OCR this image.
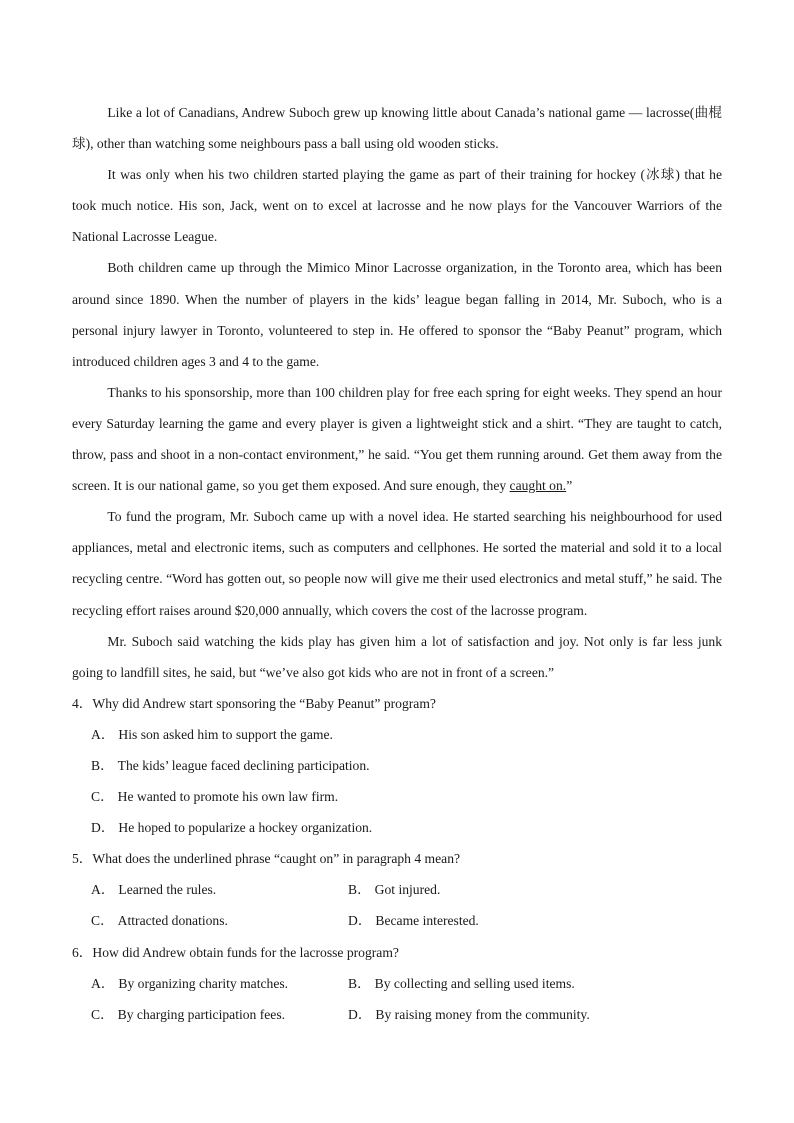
Like a lot of Canadians, Andrew Suboch grew up knowing little about Canada’s national game — lacrosse(曲棍球), other than watching some neighbours pass a ball using old wooden sticks.

It was only when his two children started playing the game as part of their training for hockey (冰球) that he took much notice. His son, Jack, went on to excel at lacrosse and he now plays for the Vancouver Warriors of the National Lacrosse League.

Both children came up through the Mimico Minor Lacrosse organization, in the Toronto area, which has been around since 1890. When the number of players in the kids’ league began falling in 2014, Mr. Suboch, who is a personal injury lawyer in Toronto, volunteered to step in. He offered to sponsor the “Baby Peanut” program, which introduced children ages 3 and 4 to the game.

Thanks to his sponsorship, more than 100 children play for free each spring for eight weeks. They spend an hour every Saturday learning the game and every player is given a lightweight stick and a shirt. “They are taught to catch, throw, pass and shoot in a non-contact environment,” he said. “You get them running around. Get them away from the screen. It is our national game, so you get them exposed. And sure enough, they caught on.”

To fund the program, Mr. Suboch came up with a novel idea. He started searching his neighbourhood for used appliances, metal and electronic items, such as computers and cellphones. He sorted the material and sold it to a local recycling centre. “Word has gotten out, so people now will give me their used electronics and metal stuff,” he said. The recycling effort raises around $20,000 annually, which covers the cost of the lacrosse program.

Mr. Suboch said watching the kids play has given him a lot of satisfaction and joy. Not only is far less junk going to landfill sites, he said, but “we’ve also got kids who are not in front of a screen.”

4．Why did Andrew start sponsoring the “Baby Peanut” program?

A． His son asked him to support the game.
B． The kids’ league faced declining participation.
C． He wanted to promote his own law firm.
D． He hoped to popularize a hockey organization.

5．What does the underlined phrase “caught on” in paragraph 4 mean?

A． Learned the rules.	B． Got injured.
C． Attracted donations.	D． Became interested.

6．How did Andrew obtain funds for the lacrosse program?

A． By organizing charity matches.	B． By collecting and selling used items.
C． By charging participation fees.	D． By raising money from the community.
